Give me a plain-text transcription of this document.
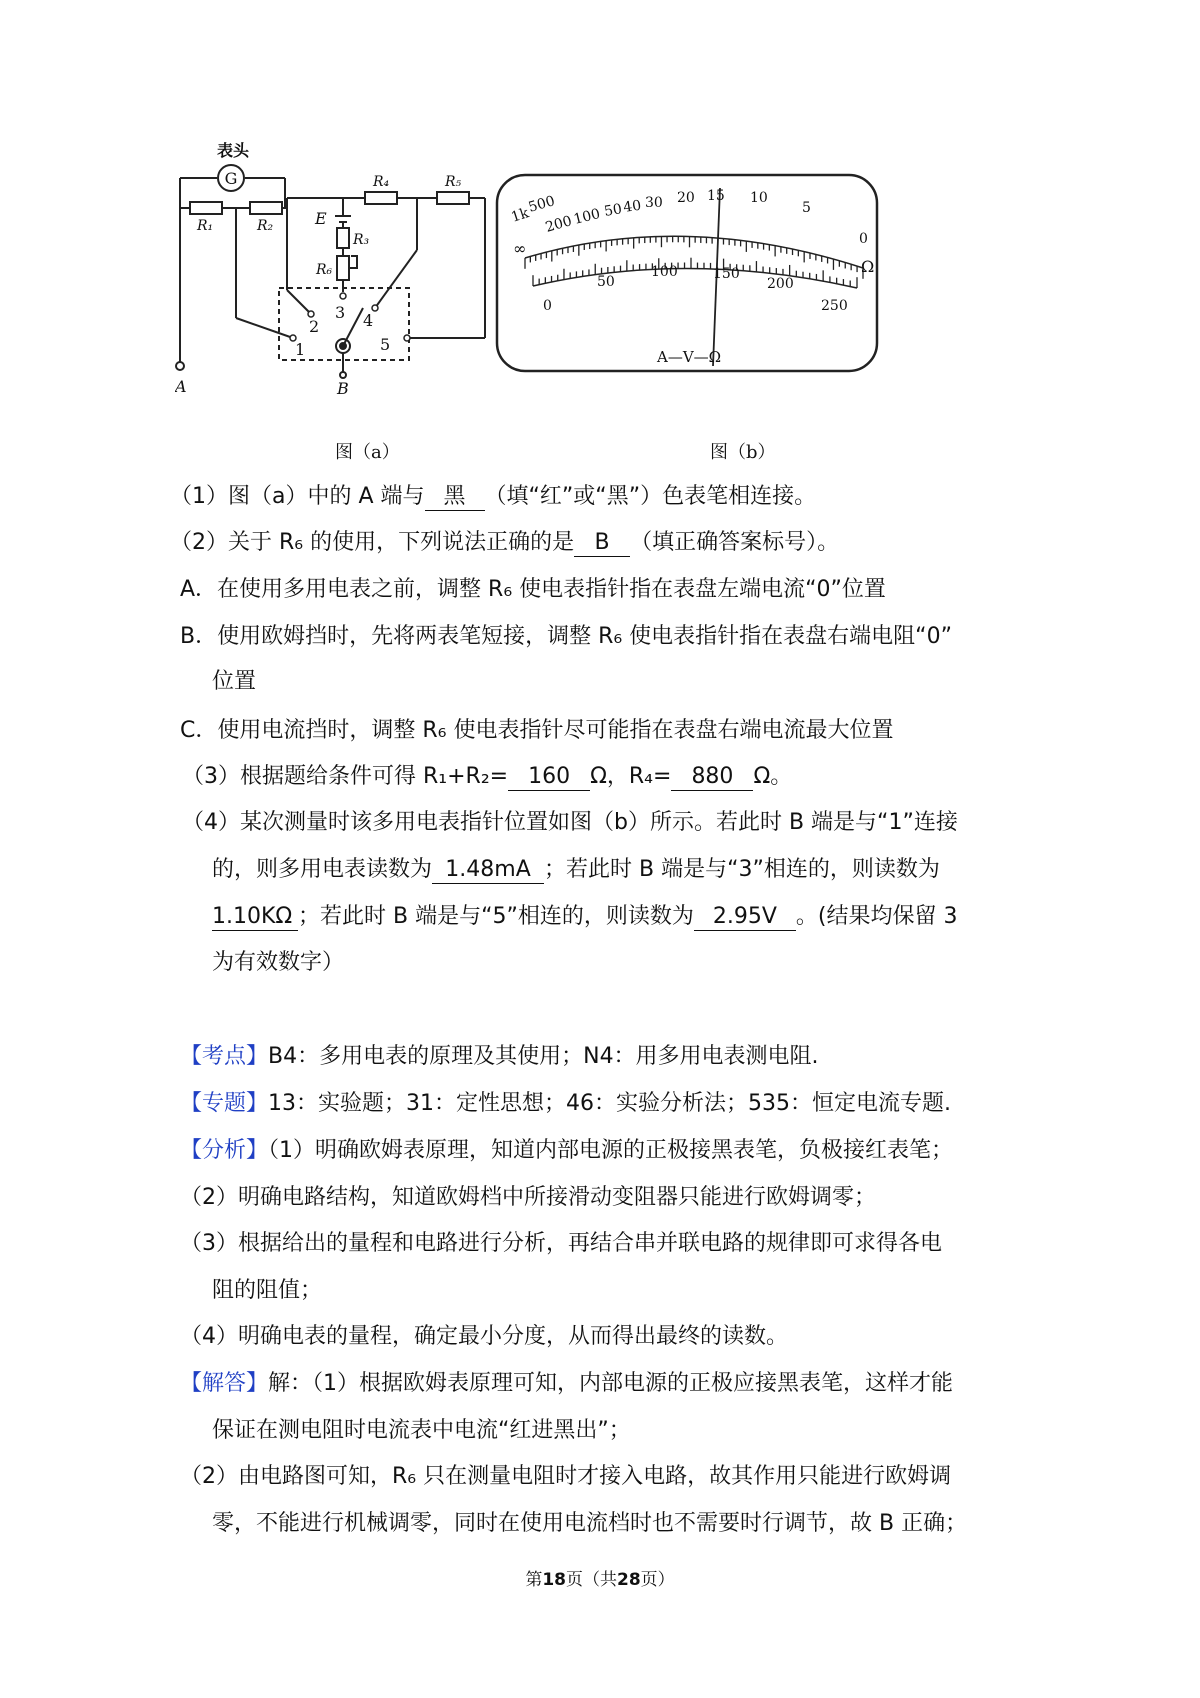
G
表头
R₁	R₂
R₃
R₄	R₅
R₆
E
A	B
1
2
3 4
5
1k
500
200
100 50 40 30 20 15 10
5
0
∞
Ω
0
50
100	150
200
250
A—V—Ω
图（a）	图（b）
（1）图（a）中的 A 端与 黑 （填“红”或“黑”）色表笔相连接。
（2）关于 R₆ 的使用，下列说法正确的是 B （填正确答案标号）。
A．在使用多用电表之前，调整 R₆ 使电表指针指在表盘左端电流“0”位置
B．使用欧姆挡时，先将两表笔短接，调整 R₆ 使电表指针指在表盘右端电阻“0”
位置
C．使用电流挡时，调整 R₆ 使电表指针尽可能指在表盘右端电流最大位置
（3）根据题给条件可得 R₁+R₂= 160 Ω，R₄= 880 Ω。
（4）某次测量时该多用电表指针位置如图（b）所示。若此时 B 端是与“1”连接
的，则多用电表读数为 1.48mA ；若此时 B 端是与“3”相连的，则读数为
1.10KΩ ；若此时 B 端是与“5”相连的，则读数为 2.95V 。(结果均保留 3
为有效数字）
【考点】B4：多用电表的原理及其使用；N4：用多用电表测电阻.
【专题】13：实验题；31：定性思想；46：实验分析法；535：恒定电流专题.
【分析】（1）明确欧姆表原理，知道内部电源的正极接黑表笔，负极接红表笔；
（2）明确电路结构，知道欧姆档中所接滑动变阻器只能进行欧姆调零；
（3）根据给出的量程和电路进行分析，再结合串并联电路的规律即可求得各电
阻的阻值；
（4）明确电表的量程，确定最小分度，从而得出最终的读数。
【解答】解：（1）根据欧姆表原理可知，内部电源的正极应接黑表笔，这样才能
保证在测电阻时电流表中电流“红进黑出”；
（2）由电路图可知，R₆ 只在测量电阻时才接入电路，故其作用只能进行欧姆调
零，不能进行机械调零，同时在使用电流档时也不需要时行调节，故 B 正确；
第18页（共28页）
